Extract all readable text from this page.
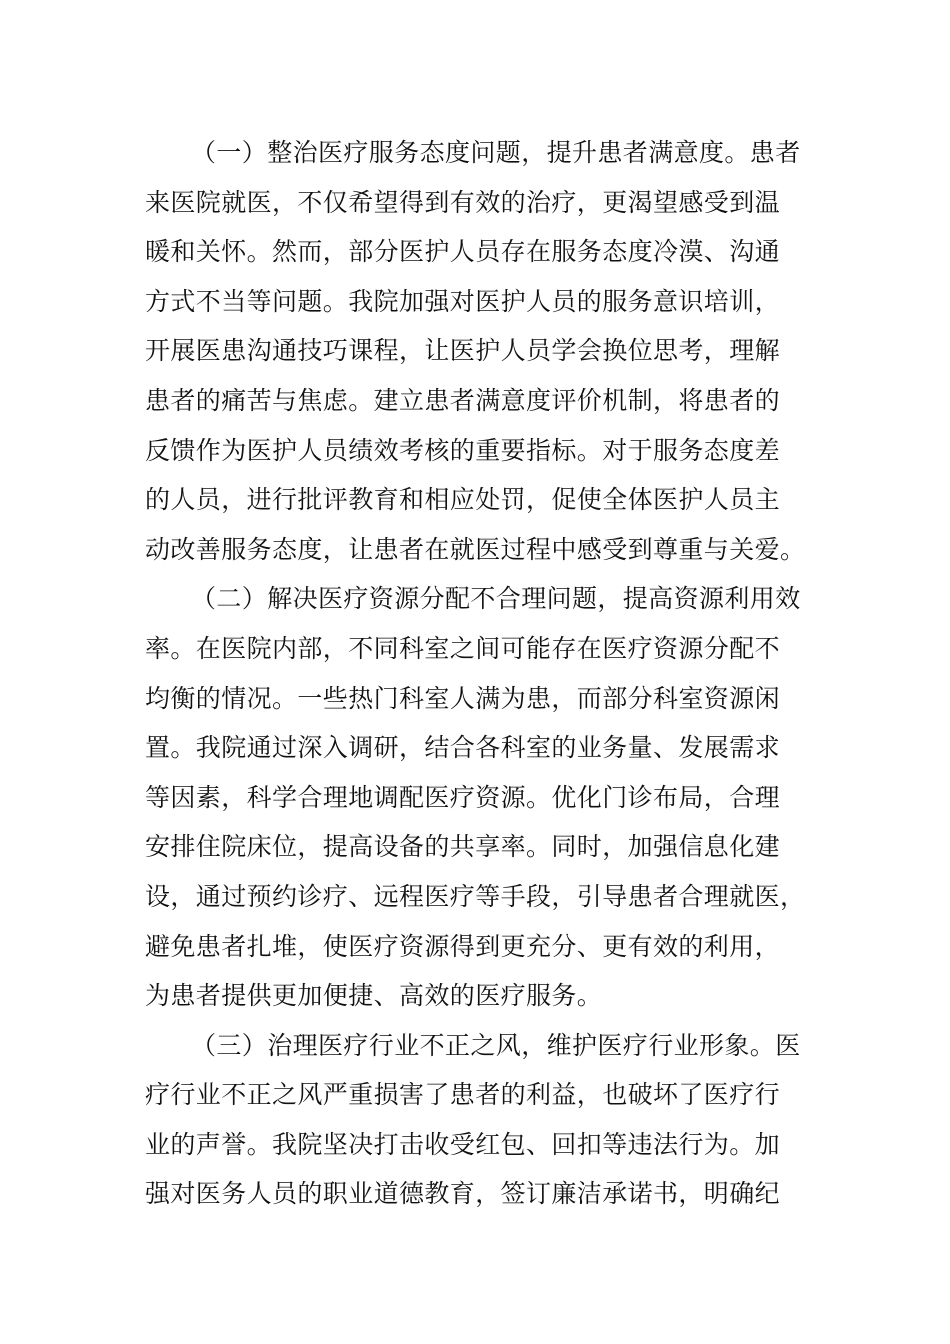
（一）整治医疗服务态度问题，提升患者满意度。患者
来医院就医，不仅希望得到有效的治疗，更渴望感受到温
暖和关怀。然而，部分医护人员存在服务态度冷漠、沟通
方式不当等问题。我院加强对医护人员的服务意识培训，
开展医患沟通技巧课程，让医护人员学会换位思考，理解
患者的痛苦与焦虑。建立患者满意度评价机制，将患者的
反馈作为医护人员绩效考核的重要指标。对于服务态度差
的人员，进行批评教育和相应处罚，促使全体医护人员主
动改善服务态度，让患者在就医过程中感受到尊重与关爱。
（二）解决医疗资源分配不合理问题，提高资源利用效
率。在医院内部，不同科室之间可能存在医疗资源分配不
均衡的情况。一些热门科室人满为患，而部分科室资源闲
置。我院通过深入调研，结合各科室的业务量、发展需求
等因素，科学合理地调配医疗资源。优化门诊布局，合理
安排住院床位，提高设备的共享率。同时，加强信息化建
设，通过预约诊疗、远程医疗等手段，引导患者合理就医，
避免患者扎堆，使医疗资源得到更充分、更有效的利用，
为患者提供更加便捷、高效的医疗服务。
（三）治理医疗行业不正之风，维护医疗行业形象。医
疗行业不正之风严重损害了患者的利益，也破坏了医疗行
业的声誉。我院坚决打击收受红包、回扣等违法行为。加
强对医务人员的职业道德教育，签订廉洁承诺书，明确纪
